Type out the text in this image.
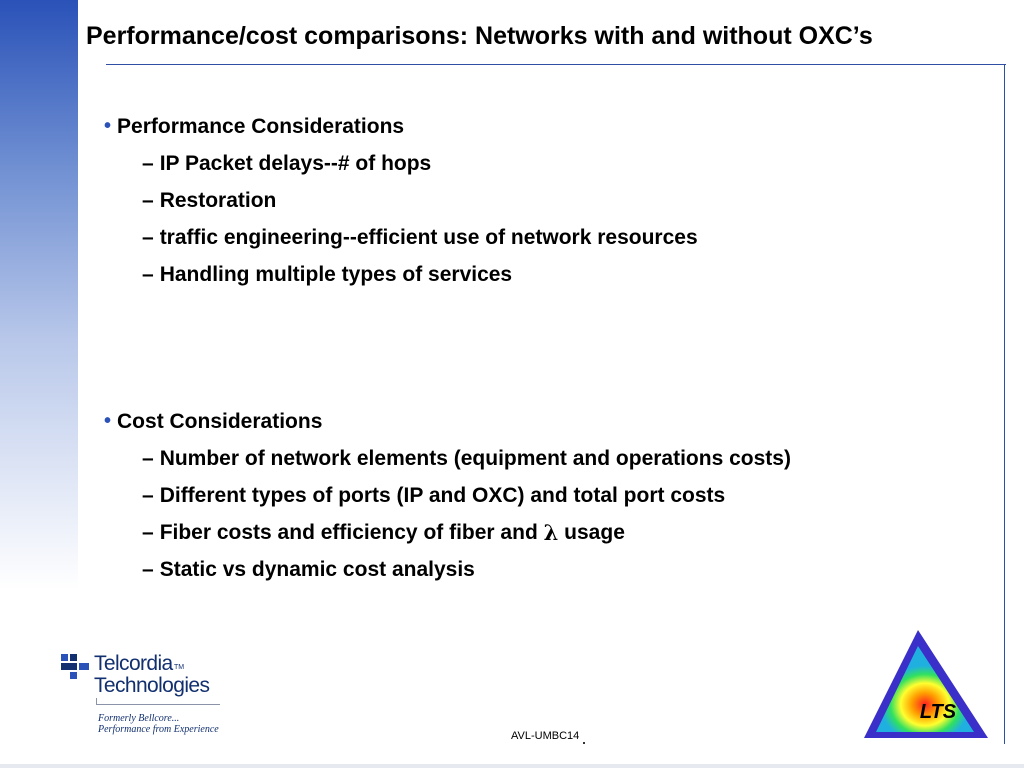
Performance/cost comparisons: Networks with and without OXC’s
• Performance Considerations
– IP Packet delays--# of hops
– Restoration
– traffic engineering--efficient use of network resources
– Handling multiple types of services
• Cost Considerations
– Number of network elements (equipment and operations costs)
– Different types of ports (IP and OXC) and total port costs
– Fiber costs and efficiency of fiber and λ usage
– Static vs dynamic cost analysis
Telcordia TM
Technologies
Formerly Bellcore...
Performance from Experience
LTS
AVL-UMBC14
